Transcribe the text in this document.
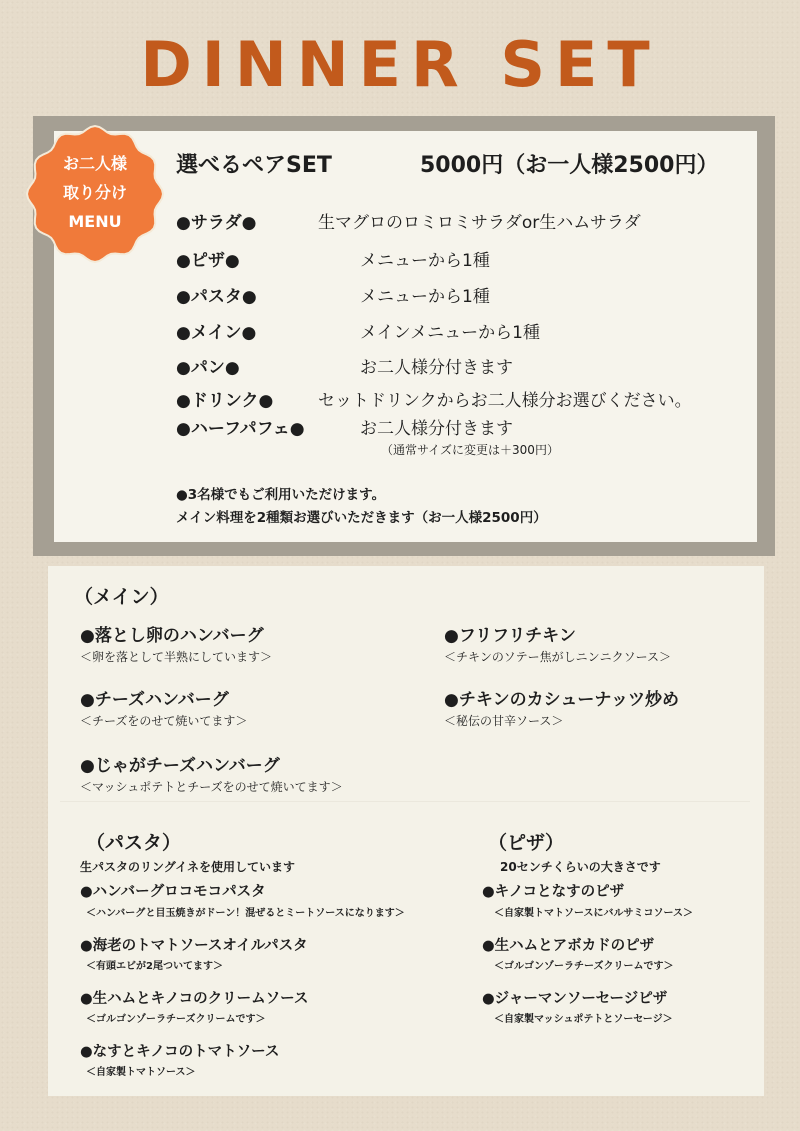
DINNER SET
お二人様
取り分け
MENU
選べるペアSET	5000円（お一人様2500円）
●サラダ●	生マグロのロミロミサラダor生ハムサラダ
●ピザ●	メニューから1種
●パスタ●	メニューから1種
●メイン●	メインメニューから1種
●パン●	お二人様分付きます
●ドリンク●	セットドリンクからお二人様分お選びください。
●ハーフパフェ●	お二人様分付きます
（通常サイズに変更は＋300円）
●3名様でもご利用いただけます。
メイン料理を2種類お選びいただきます（お一人様2500円）
（メイン）
●落とし卵のハンバーグ
＜卵を落として半熟にしています＞
●フリフリチキン
＜チキンのソテー焦がしニンニクソース＞
●チーズハンバーグ
＜チーズをのせて焼いてます＞
●チキンのカシューナッツ炒め
＜秘伝の甘辛ソース＞
●じゃがチーズハンバーグ
＜マッシュポテトとチーズをのせて焼いてます＞
（パスタ）
生パスタのリングイネを使用しています
●ハンバーグロコモコパスタ
＜ハンバーグと目玉焼きがドーン！混ぜるとミートソースになります＞
●海老のトマトソースオイルパスタ
＜有頭エビが2尾ついてます＞
●生ハムとキノコのクリームソース
＜ゴルゴンゾーラチーズクリームです＞
●なすとキノコのトマトソース
＜自家製トマトソース＞
（ピザ）
20センチくらいの大きさです
●キノコとなすのピザ
＜自家製トマトソースにバルサミコソース＞
●生ハムとアボカドのピザ
＜ゴルゴンゾーラチーズクリームです＞
●ジャーマンソーセージピザ
＜自家製マッシュポテトとソーセージ＞
